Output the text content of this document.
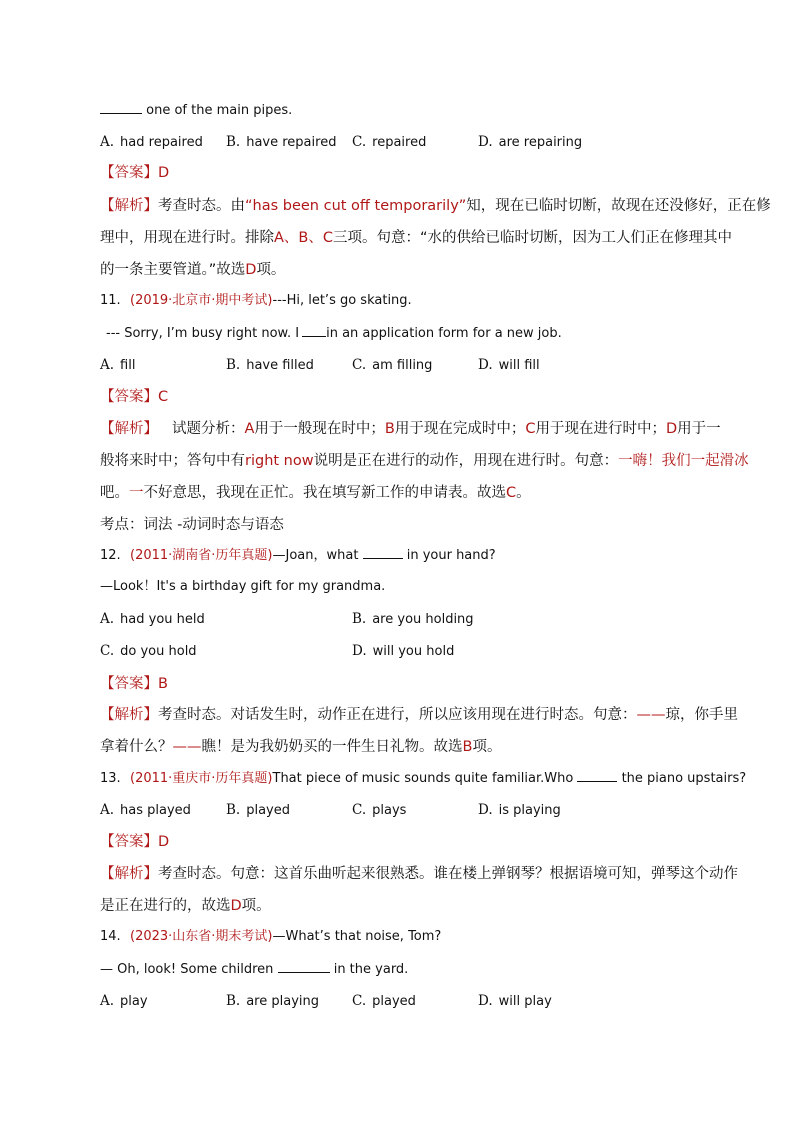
one of the main pipes.
A. had repaired B. have repaired C. repaired	D. are repairing
【答案】D
【解析】考查时态。由“has been cut off temporarily”知，现在已临时切断，故现在还没修好，正在修
理中，用现在进行时。排除A、B、C三项。句意：“水的供给已临时切断，因为工人们正在修理其中
的一条主要管道。”故选D项。
11. (2019·北京市·期中考试)---Hi, let’s go skating.
--- Sorry, I’m busy right now. I in an application form for a new job.
A. fill	B. have filled	C. am filling	D. will fill
【答案】C
【解析】 试题分析：A用于一般现在时中；B用于现在完成时中；C用于现在进行时中；D用于一
般将来时中；答句中有right now说明是正在进行的动作，用现在进行时。句意：一嗨！我们一起滑冰
吧。一不好意思，我现在正忙。我在填写新工作的申请表。故选C。
考点：词法 -动词时态与语态
12. (2011·湖南省·历年真题)—Joan，what	in your hand?
—Look！It's a birthday gift for my grandma.
A. had you held	B. are you holding
C. do you hold	D. will you hold
【答案】B
【解析】考查时态。对话发生时，动作正在进行，所以应该用现在进行时态。句意：——琼，你手里
拿着什么？——瞧！是为我奶奶买的一件生日礼物。故选B项。
13. (2011·重庆市·历年真题)That piece of music sounds quite familiar.Who	the piano upstairs?
A. has played	B. played	C. plays	D. is playing
【答案】D
【解析】考查时态。句意：这首乐曲听起来很熟悉。谁在楼上弹钢琴？根据语境可知，弹琴这个动作
是正在进行的，故选D项。
14. (2023·山东省·期末考试)—What’s that noise, Tom?
— Oh, look! Some children	in the yard.
A. play	B. are playing C. played	D. will play
